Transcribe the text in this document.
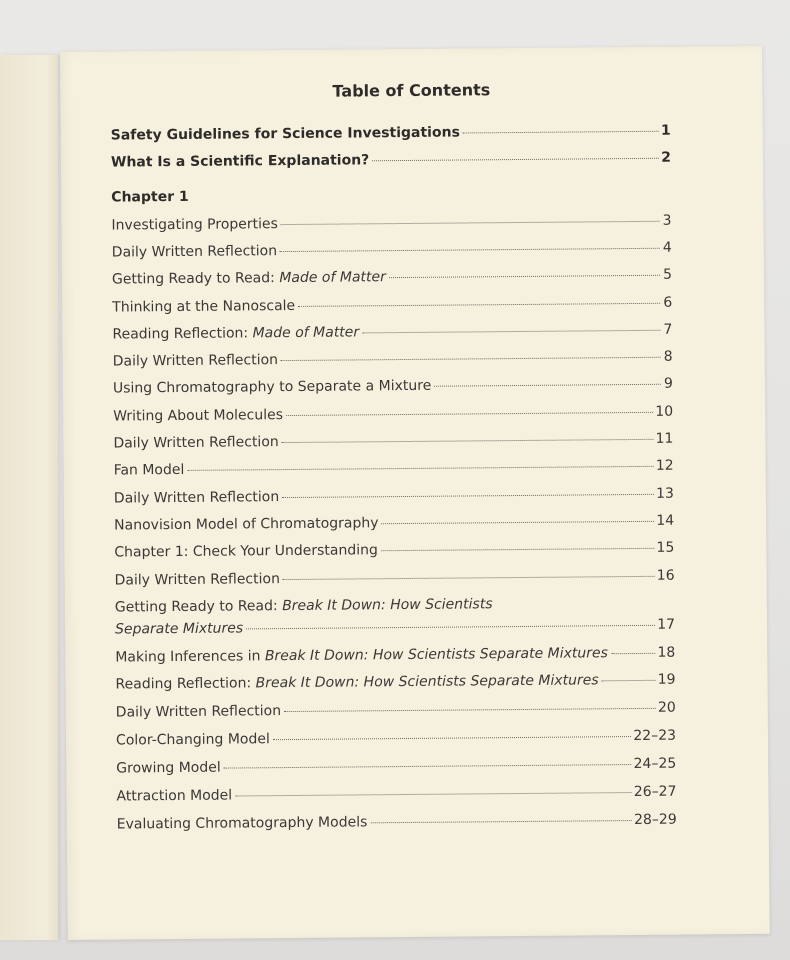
Table of Contents
Safety Guidelines for Science Investigations	1
What Is a Scientific Explanation?	2
Chapter 1
Investigating Properties	3
Daily Written Reflection	4
Getting Ready to Read: Made of Matter	5
Thinking at the Nanoscale	6
Reading Reflection: Made of Matter	7
Daily Written Reflection	8
Using Chromatography to Separate a Mixture	9
Writing About Molecules	10
Daily Written Reflection	11
Fan Model	12
Daily Written Reflection	13
Nanovision Model of Chromatography	14
Chapter 1: Check Your Understanding	15
Daily Written Reflection	16
Getting Ready to Read: Break It Down: How Scientists
Separate Mixtures	17
Making Inferences in Break It Down: How Scientists Separate Mixtures	18
Reading Reflection: Break It Down: How Scientists Separate Mixtures	19
Daily Written Reflection	20
Color-Changing Model	22–23
Growing Model	24–25
Attraction Model	26–27
Evaluating Chromatography Models	28–29
